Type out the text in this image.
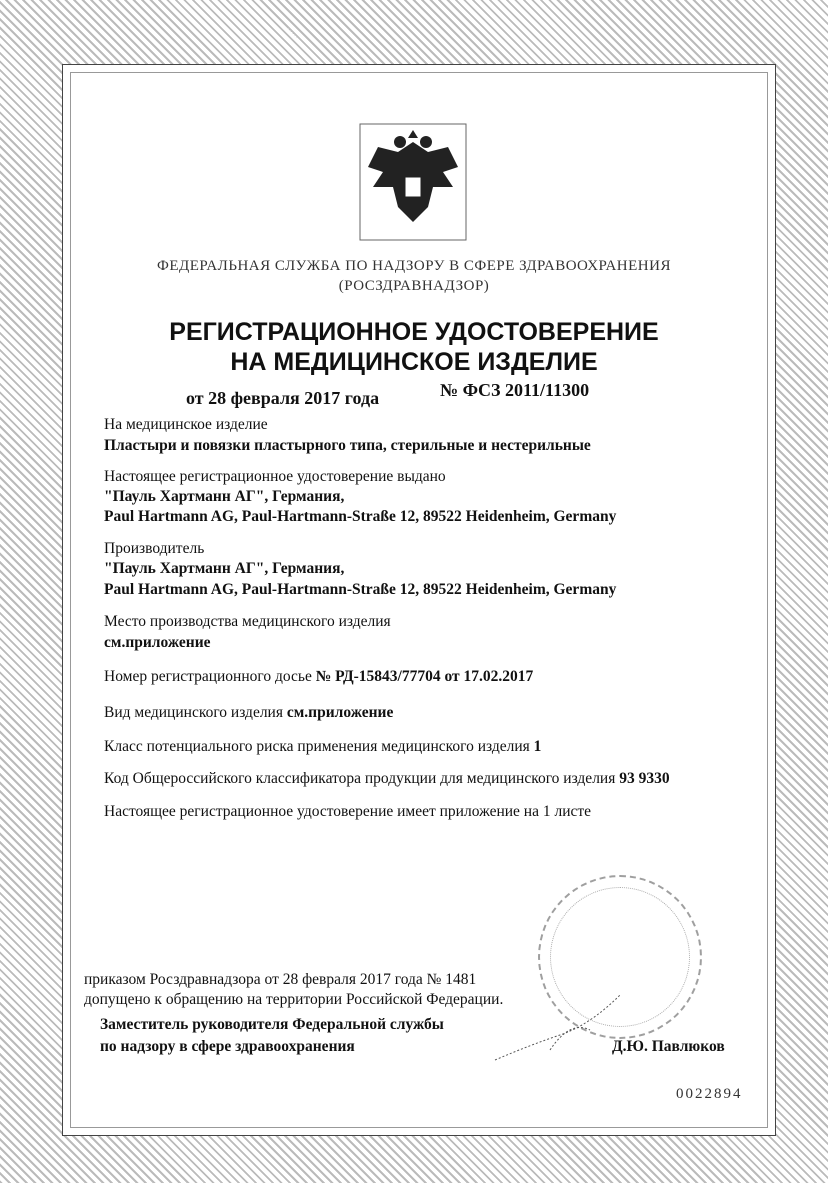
ФЕДЕРАЛЬНАЯ СЛУЖБА ПО НАДЗОРУ В СФЕРЕ ЗДРАВООХРАНЕНИЯ
(РОСЗДРАВНАДЗОР)
РЕГИСТРАЦИОННОЕ УДОСТОВЕРЕНИЕ
НА МЕДИЦИНСКОЕ ИЗДЕЛИЕ
от 28 февраля 2017 года	№ ФСЗ 2011/11300
На медицинское изделие
Пластыри и повязки пластырного типа, стерильные и нестерильные
Настоящее регистрационное удостоверение выдано
"Пауль Хартманн АГ", Германия,
Paul Hartmann AG, Paul-Hartmann-Straße 12, 89522 Heidenheim, Germany
Производитель
"Пауль Хартманн АГ", Германия,
Paul Hartmann AG, Paul-Hartmann-Straße 12, 89522 Heidenheim, Germany
Место производства медицинского изделия
см.приложение
Номер регистрационного досье № РД-15843/77704 от 17.02.2017
Вид медицинского изделия см.приложение
Класс потенциального риска применения медицинского изделия 1
Код Общероссийского классификатора продукции для медицинского изделия 93 9330
Настоящее регистрационное удостоверение имеет приложение на 1 листе
приказом Росздравнадзора от 28 февраля 2017 года № 1481
допущено к обращению на территории Российской Федерации.
Заместитель руководителя Федеральной службы
по надзору в сфере здравоохранения	Д.Ю. Павлюков
0022894
